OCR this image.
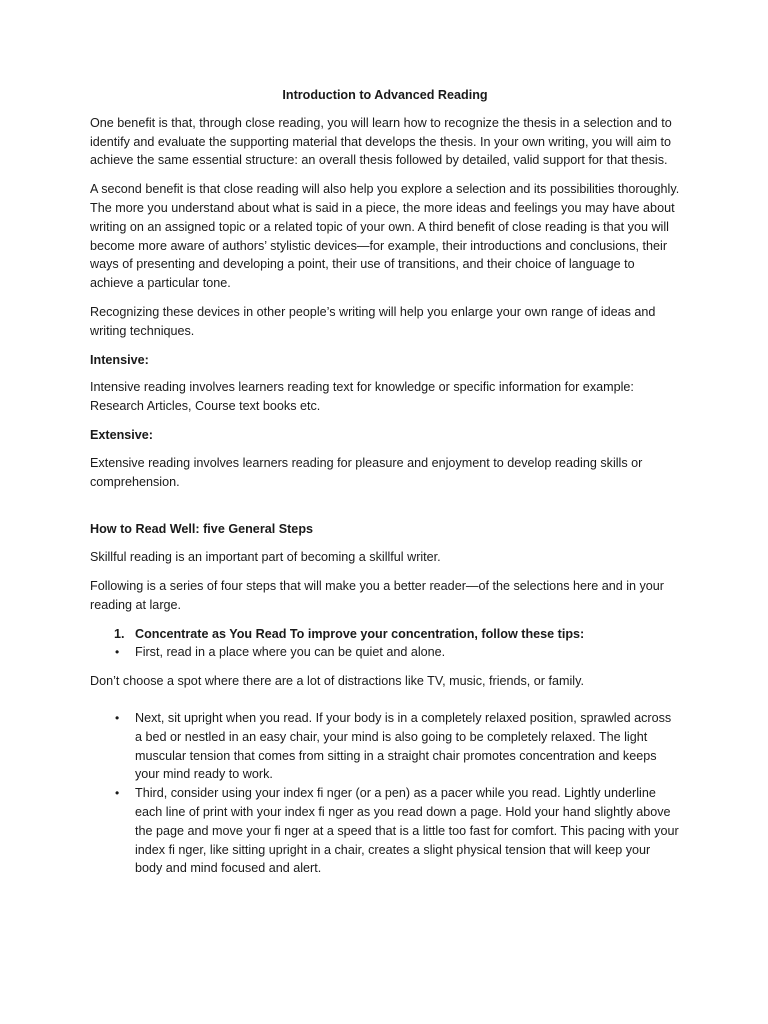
Introduction to Advanced Reading

One benefit is that, through close reading, you will learn how to recognize the thesis in a selection and to identify and evaluate the supporting material that develops the thesis. In your own writing, you will aim to achieve the same essential structure: an overall thesis followed by detailed, valid support for that thesis.

A second benefit is that close reading will also help you explore a selection and its possibilities thoroughly. The more you understand about what is said in a piece, the more ideas and feelings you may have about writing on an assigned topic or a related topic of your own. A third benefit of close reading is that you will become more aware of authors’ stylistic devices—for example, their introductions and conclusions, their ways of presenting and developing a point, their use of transitions, and their choice of language to achieve a particular tone.

Recognizing these devices in other people’s writing will help you enlarge your own range of ideas and writing techniques.

Intensive:

Intensive reading involves learners reading text for knowledge or specific information for example: Research Articles, Course text books etc.

Extensive:

Extensive reading involves learners reading for pleasure and enjoyment to develop reading skills or comprehension.

How to Read Well: five General Steps

Skillful reading is an important part of becoming a skillful writer.

Following is a series of four steps that will make you a better reader—of the selections here and in your reading at large.

1. Concentrate as You Read To improve your concentration, follow these tips:
• First, read in a place where you can be quiet and alone.

Don’t choose a spot where there are a lot of distractions like TV, music, friends, or family.

• Next, sit upright when you read. If your body is in a completely relaxed position, sprawled across a bed or nestled in an easy chair, your mind is also going to be completely relaxed. The light muscular tension that comes from sitting in a straight chair promotes concentration and keeps your mind ready to work.
• Third, consider using your index fi nger (or a pen) as a pacer while you read. Lightly underline each line of print with your index fi nger as you read down a page. Hold your hand slightly above the page and move your fi nger at a speed that is a little too fast for comfort. This pacing with your index fi nger, like sitting upright in a chair, creates a slight physical tension that will keep your body and mind focused and alert.
